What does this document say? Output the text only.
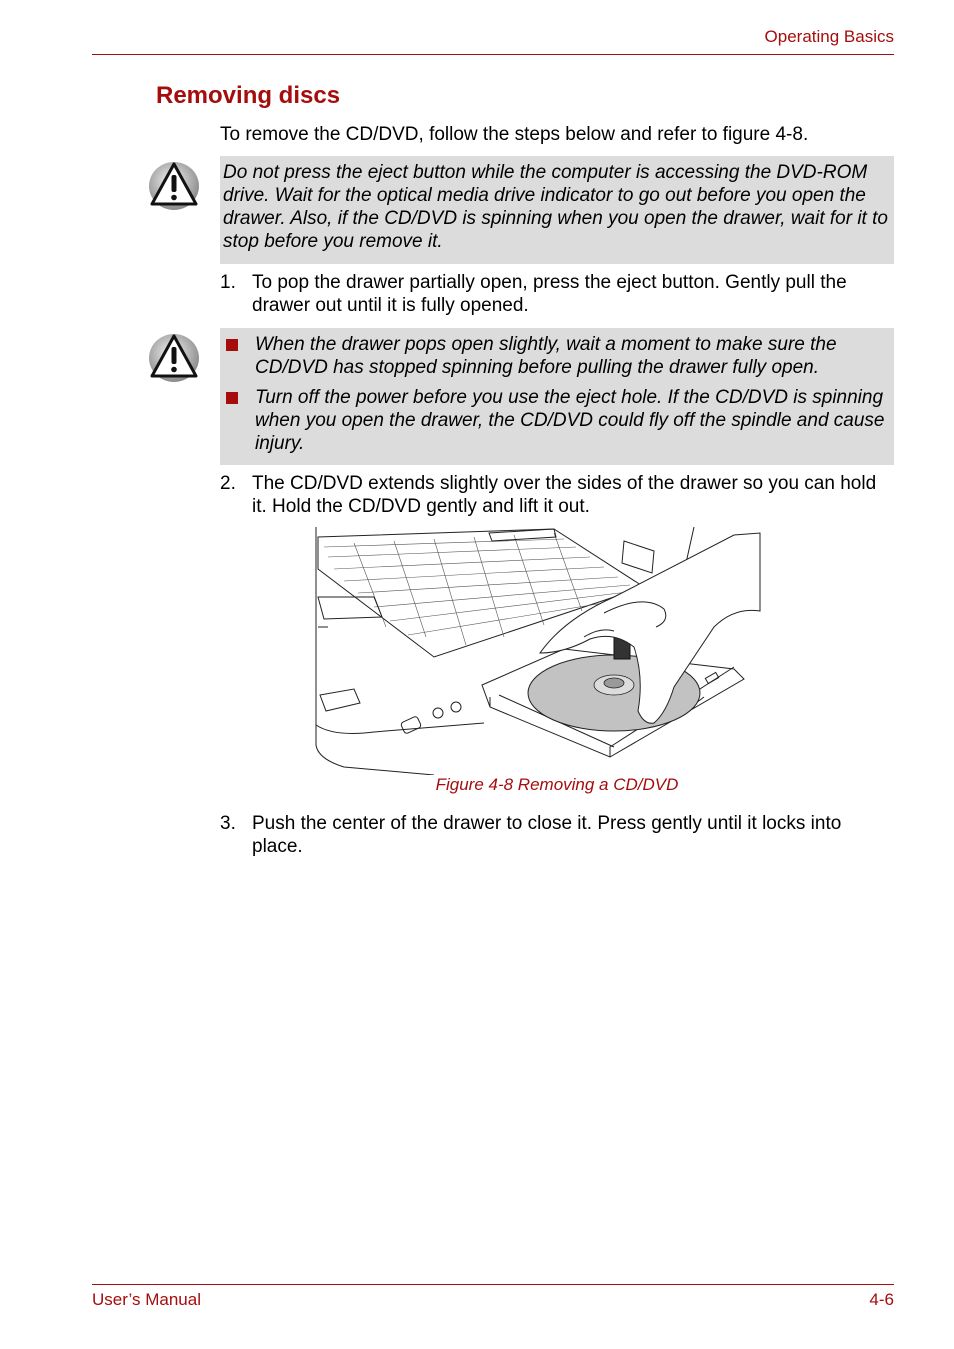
Operating Basics
Removing discs
To remove the CD/DVD, follow the steps below and refer to figure 4-8.
Do not press the eject button while the computer is accessing the DVD-ROM drive. Wait for the optical media drive indicator to go out before you open the drawer. Also, if the CD/DVD is spinning when you open the drawer, wait for it to stop before you remove it.
1. To pop the drawer partially open, press the eject button. Gently pull the drawer out until it is fully opened.
When the drawer pops open slightly, wait a moment to make sure the CD/DVD has stopped spinning before pulling the drawer fully open.
Turn off the power before you use the eject hole. If the CD/DVD is spinning when you open the drawer, the CD/DVD could fly off the spindle and cause injury.
2. The CD/DVD extends slightly over the sides of the drawer so you can hold it. Hold the CD/DVD gently and lift it out.
Figure 4-8 Removing a CD/DVD
3. Push the center of the drawer to close it. Press gently until it locks into place.
User’s Manual	4-6
